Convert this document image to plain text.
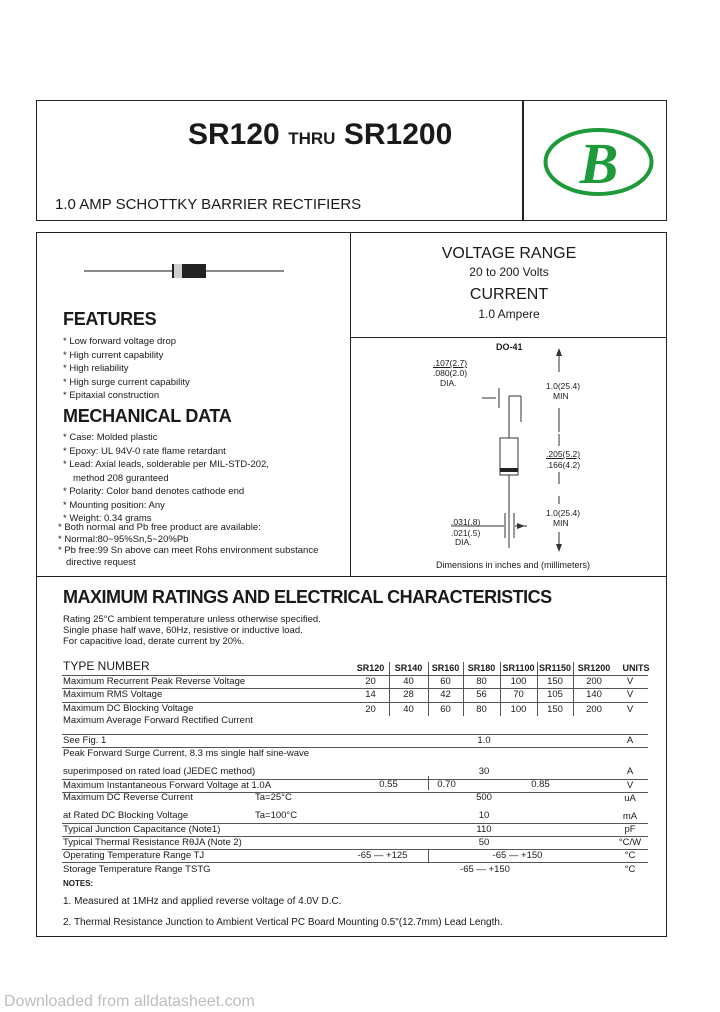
SR120 THRU SR1200
1.0 AMP SCHOTTKY BARRIER RECTIFIERS
B
VOLTAGE RANGE
20 to 200 Volts
CURRENT
1.0 Ampere
FEATURES
* Low forward voltage drop
* High current capability
* High reliability
* High surge current capability
* Epitaxial construction
MECHANICAL DATA
* Case: Molded plastic
* Epoxy: UL 94V-0 rate flame retardant
* Lead: Axial leads, solderable per MIL-STD-202,
method 208 guranteed
* Polarity: Color band denotes cathode end
* Mounting position: Any
* Weight: 0.34 grams
* Both normal and Pb free product are available:
* Normal:80~95%Sn,5~20%Pb
* Pb free:99 Sn above can meet Rohs environment substance
directive request
DO-41
.107(2.7)
.080(2.0)
DIA.	1.0(25.4)
MIN
.205(5.2)
.166(4.2)
1.0(25.4)
MIN
.031(.8)
.021(.5)
DIA.
Dimensions in inches and (millimeters)
MAXIMUM RATINGS AND ELECTRICAL CHARACTERISTICS
Rating 25°C ambient temperature unless otherwise specified.
Single phase half wave, 60Hz, resistive or inductive load.
For capacitive load, derate current by 20%.
TYPE NUMBER	SR120	SR140	SR160 SR180 SR1100 SR1150 SR1200	UNITS
Maximum Recurrent Peak Reverse Voltage	20	40	60	80	100	150	200	V
Maximum RMS Voltage	14	28	42	56	70	105	140	V
Maximum DC Blocking Voltage	20	40	60	80	100	150	200	V
Maximum Average Forward Rectified Current
See Fig. 1	1.0	A
Peak Forward Surge Current, 8.3 ms single half sine-wave
superimposed on rated load (JEDEC method)	30	A
Maximum Instantaneous Forward Voltage at 1.0A	0.55	0.70	0.85	V
Maximum DC Reverse Current	Ta=25°C	500	uA
at Rated DC Blocking Voltage	Ta=100°C	10	mA
Typical Junction Capacitance (Note1)	110	pF
Typical Thermal Resistance RθJA (Note 2)	50	°C/W
Operating Temperature Range TJ	-65 — +125	-65 — +150	°C
Storage Temperature Range TSTG	-65 — +150	°C
NOTES:
1. Measured at 1MHz and applied reverse voltage of 4.0V D.C.
2. Thermal Resistance Junction to Ambient Vertical PC Board Mounting 0.5"(12.7mm) Lead Length.
Downloaded from alldatasheet.com
